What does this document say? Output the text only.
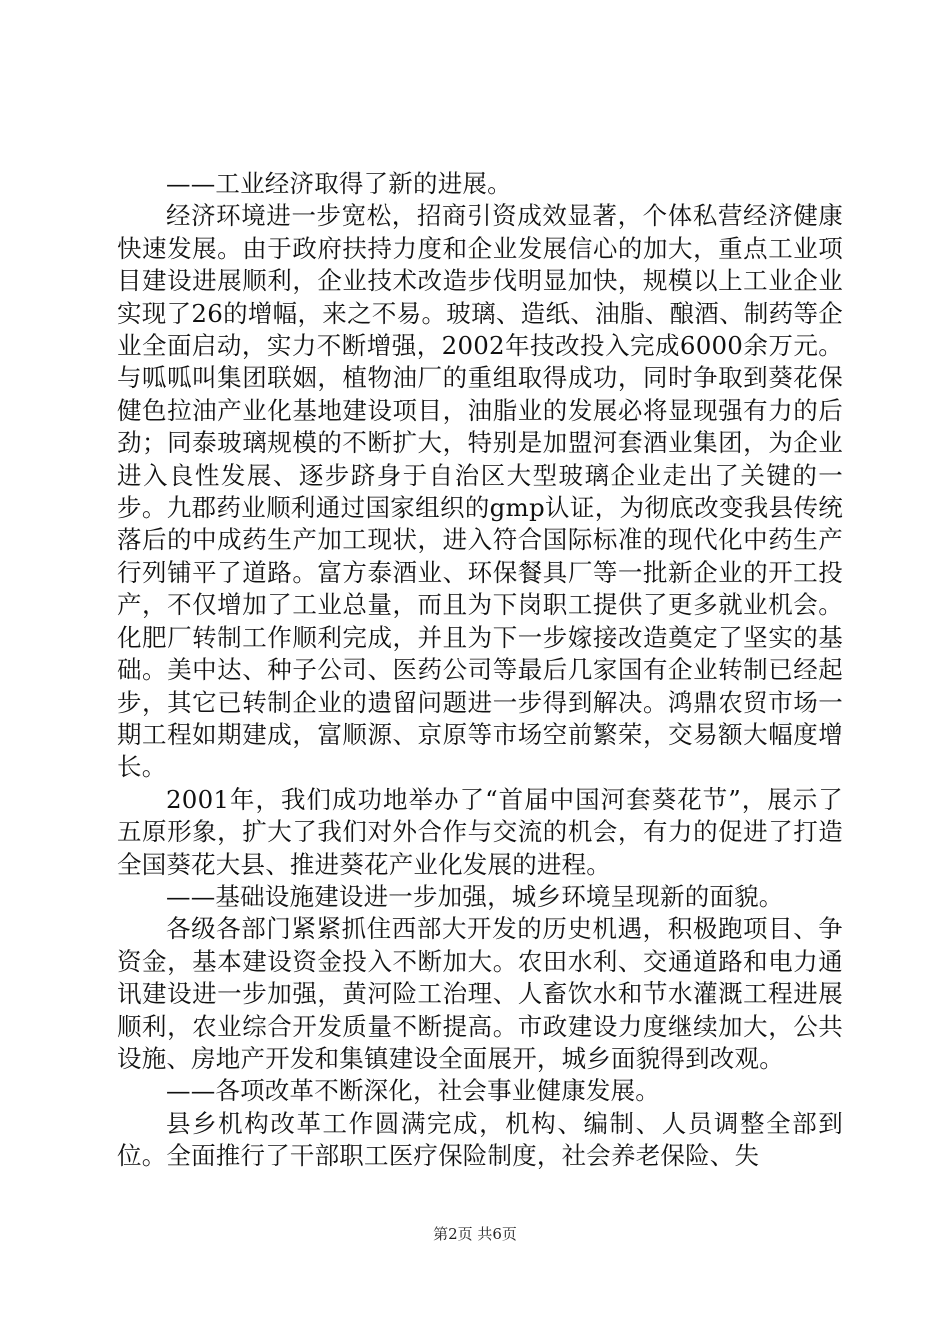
——工业经济取得了新的进展。

经济环境进一步宽松，招商引资成效显著，个体私营经济健康快速发展。由于政府扶持力度和企业发展信心的加大，重点工业项目建设进展顺利，企业技术改造步伐明显加快，规模以上工业企业实现了26的增幅，来之不易。玻璃、造纸、油脂、酿酒、制药等企业全面启动，实力不断增强，2002年技改投入完成6000余万元。与呱呱叫集团联姻，植物油厂的重组取得成功，同时争取到葵花保健色拉油产业化基地建设项目，油脂业的发展必将显现强有力的后劲；同泰玻璃规模的不断扩大，特别是加盟河套酒业集团，为企业进入良性发展、逐步跻身于自治区大型玻璃企业走出了关键的一步。九郡药业顺利通过国家组织的gmp认证，为彻底改变我县传统落后的中成药生产加工现状，进入符合国际标准的现代化中药生产行列铺平了道路。富方泰酒业、环保餐具厂等一批新企业的开工投产，不仅增加了工业总量，而且为下岗职工提供了更多就业机会。化肥厂转制工作顺利完成，并且为下一步嫁接改造奠定了坚实的基础。美中达、种子公司、医药公司等最后几家国有企业转制已经起步，其它已转制企业的遗留问题进一步得到解决。鸿鼎农贸市场一期工程如期建成，富顺源、京原等市场空前繁荣，交易额大幅度增长。

2001年，我们成功地举办了“首届中国河套葵花节”，展示了五原形象，扩大了我们对外合作与交流的机会，有力的促进了打造全国葵花大县、推进葵花产业化发展的进程。

——基础设施建设进一步加强，城乡环境呈现新的面貌。

各级各部门紧紧抓住西部大开发的历史机遇，积极跑项目、争资金，基本建设资金投入不断加大。农田水利、交通道路和电力通讯建设进一步加强，黄河险工治理、人畜饮水和节水灌溉工程进展顺利，农业综合开发质量不断提高。市政建设力度继续加大，公共设施、房地产开发和集镇建设全面展开，城乡面貌得到改观。

——各项改革不断深化，社会事业健康发展。

县乡机构改革工作圆满完成，机构、编制、人员调整全部到位。全面推行了干部职工医疗保险制度，社会养老保险、失

第2页 共6页
